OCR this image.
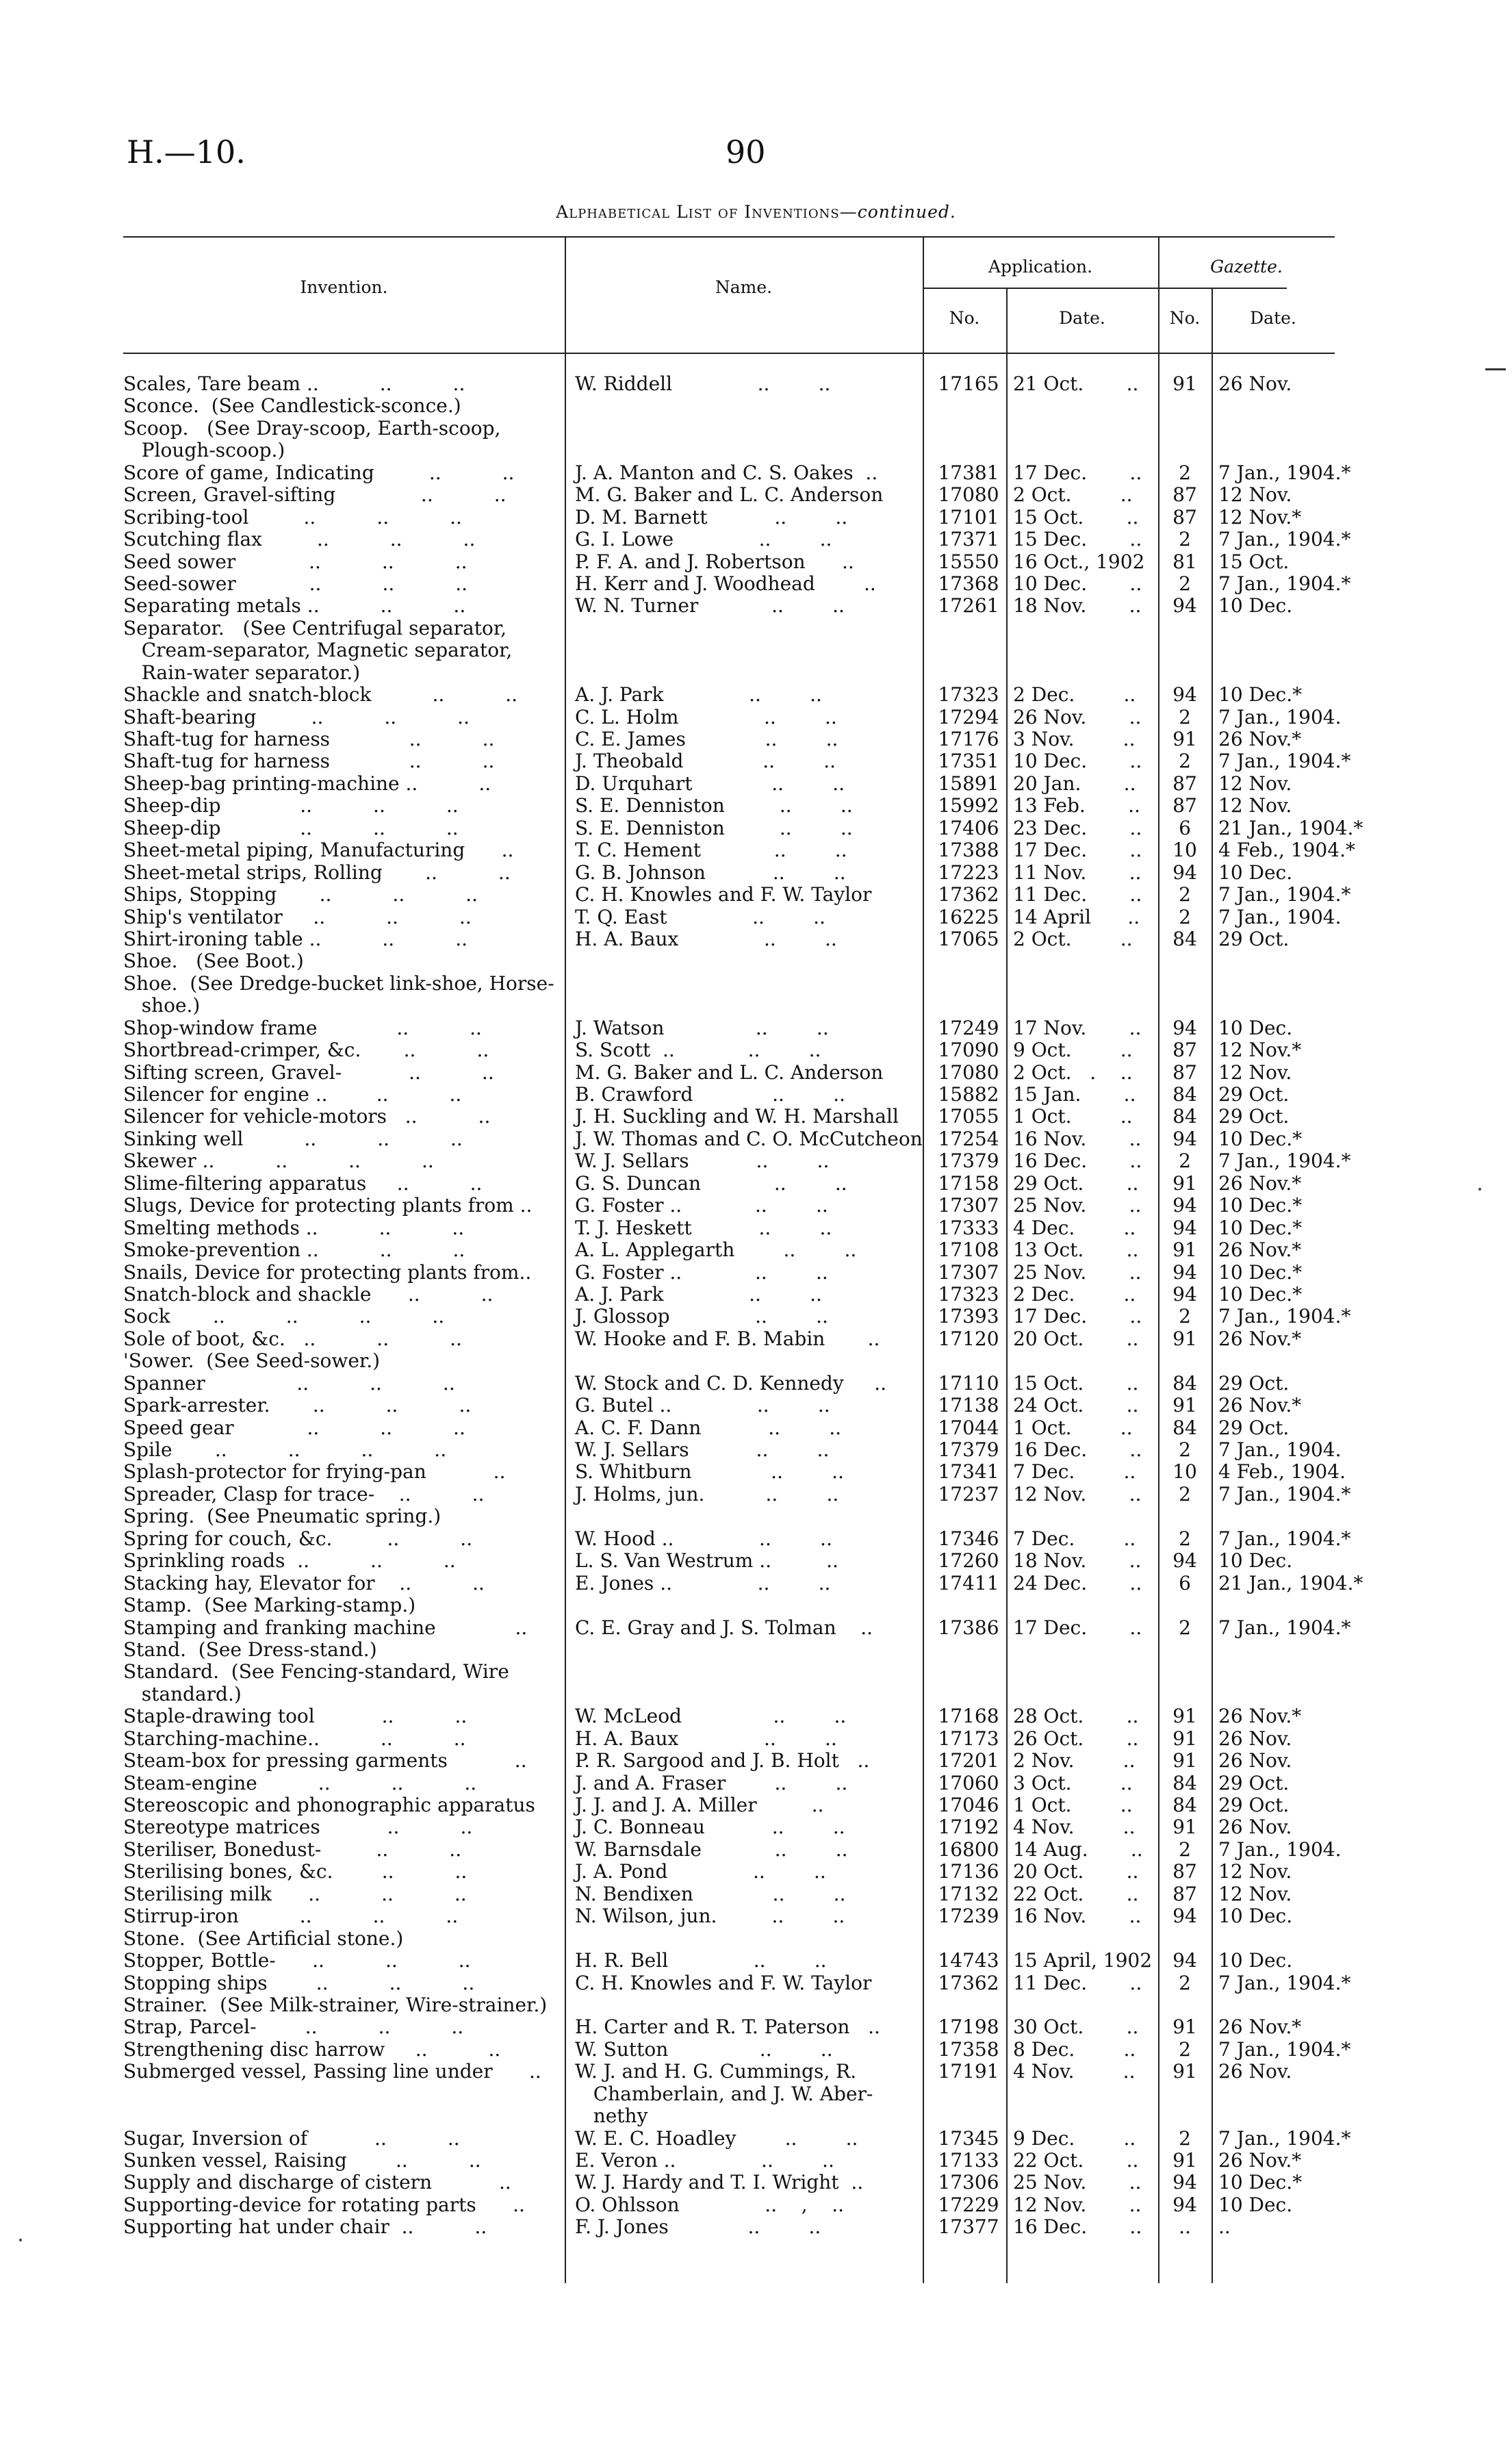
H.—10.	90
Alphabetical List of Inventions—continued.
Invention.	Name.
Application.
No.	Date.
Gazette.
No.	Date.
Scales, Tare beam ..          ..          ..	W. Riddell              ..        ..	17165 21 Oct.       ..	91	26 Nov.
Sconce.  (See Candlestick-sconce.)
Scoop.   (See Dray-scoop, Earth-scoop,
Plough-scoop.)
Score of game, Indicating         ..          ..	J. A. Manton and C. S. Oakes  ..	17381 17 Dec.       ..	2	7 Jan., 1904.*
Screen, Gravel-sifting              ..          ..	M. G. Baker and L. C. Anderson	17080 2 Oct.        ..	87	12 Nov.
Scribing-tool         ..          ..          ..	D. M. Barnett           ..        ..	17101 15 Oct.       ..	87	12 Nov.*
Scutching flax         ..          ..          ..	G. I. Lowe              ..        ..	17371 15 Dec.       ..	2	7 Jan., 1904.*
Seed sower            ..          ..          ..	P. F. A. and J. Robertson      ..	15550 16 Oct., 1902	81	15 Oct.
Seed-sower            ..          ..          ..	H. Kerr and J. Woodhead        ..	17368 10 Dec.       ..	2	7 Jan., 1904.*
Separating metals ..          ..          ..	W. N. Turner            ..        ..	17261 18 Nov.       ..	94	10 Dec.
Separator.   (See Centrifugal separator,
Cream-separator, Magnetic separator,
Rain-water separator.)
Shackle and snatch-block          ..          ..	A. J. Park              ..        ..	17323 2 Dec.        ..	94	10 Dec.*
Shaft-bearing         ..          ..          ..	C. L. Holm              ..        ..	17294 26 Nov.       ..	2	7 Jan., 1904.
Shaft-tug for harness             ..          ..	C. E. James             ..        ..	17176 3 Nov.        ..	91	26 Nov.*
Shaft-tug for harness             ..          ..	J. Theobald             ..        ..	17351 10 Dec.       ..	2	7 Jan., 1904.*
Sheep-bag printing-machine ..          ..	D. Urquhart             ..        ..	15891 20 Jan.       ..	87	12 Nov.
Sheep-dip             ..          ..          ..	S. E. Denniston         ..        ..	15992 13 Feb.       ..	87	12 Nov.
Sheep-dip             ..          ..          ..	S. E. Denniston         ..        ..	17406 23 Dec.       ..	6	21 Jan., 1904.*
Sheet-metal piping, Manufacturing      ..	T. C. Hement            ..        ..	17388 17 Dec.       ..	10	4 Feb., 1904.*
Sheet-metal strips, Rolling       ..          ..	G. B. Johnson           ..        ..	17223 11 Nov.       ..	94	10 Dec.
Ships, Stopping       ..          ..          ..	C. H. Knowles and F. W. Taylor	17362 11 Dec.       ..	2	7 Jan., 1904.*
Ship's ventilator     ..          ..          ..	T. Q. East              ..        ..	16225 14 April      ..	2	7 Jan., 1904.
Shirt-ironing table ..          ..          ..	H. A. Baux              ..        ..	17065 2 Oct.        ..	84	29 Oct.
Shoe.   (See Boot.)
Shoe.  (See Dredge-bucket link-shoe, Horse-
shoe.)
Shop-window frame             ..          ..	J. Watson               ..        ..	17249 17 Nov.       ..	94	10 Dec.
Shortbread-crimper, &c.       ..          ..	S. Scott  ..            ..        ..	17090 9 Oct.        ..	87	12 Nov.*
Sifting screen, Gravel-           ..          ..	M. G. Baker and L. C. Anderson	17080 2 Oct.   .    ..	87	12 Nov.
Silencer for engine ..        ..          ..	B. Crawford             ..        ..	15882 15 Jan.       ..	84	29 Oct.
Silencer for vehicle-motors   ..          ..	J. H. Suckling and W. H. Marshall	17055 1 Oct.        ..	84	29 Oct.
Sinking well          ..          ..          ..	J. W. Thomas and C. O. McCutcheon 17254 16 Nov.       ..	94	10 Dec.*
Skewer ..          ..          ..          ..	W. J. Sellars           ..        ..	17379 16 Dec.       ..	2	7 Jan., 1904.*
Slime-filtering apparatus     ..          ..	G. S. Duncan            ..        ..	17158 29 Oct.       ..	91	26 Nov.*
Slugs, Device for protecting plants from ..	G. Foster ..            ..        ..	17307 25 Nov.       ..	94	10 Dec.*
Smelting methods ..          ..          ..	T. J. Heskett           ..        ..	17333 4 Dec.        ..	94	10 Dec.*
Smoke-prevention ..          ..          ..	A. L. Applegarth        ..        ..	17108 13 Oct.       ..	91	26 Nov.*
Snails, Device for protecting plants from..	G. Foster ..            ..        ..	17307 25 Nov.       ..	94	10 Dec.*
Snatch-block and shackle      ..          ..	A. J. Park              ..        ..	17323 2 Dec.        ..	94	10 Dec.*
Sock       ..          ..          ..          ..	J. Glossop              ..        ..	17393 17 Dec.       ..	2	7 Jan., 1904.*
Sole of boot, &c.   ..          ..          ..	W. Hooke and F. B. Mabin       ..	17120 20 Oct.       ..	91	26 Nov.*
'Sower.  (See Seed-sower.)
Spanner               ..          ..          ..	W. Stock and C. D. Kennedy     ..	17110 15 Oct.       ..	84	29 Oct.
Spark-arrester.       ..          ..          ..	G. Butel ..              ..        ..	17138 24 Oct.       ..	91	26 Nov.*
Speed gear            ..          ..          ..	A. C. F. Dann           ..        ..	17044 1 Oct.        ..	84	29 Oct.
Spile       ..          ..          ..          ..	W. J. Sellars           ..        ..	17379 16 Dec.       ..	2	7 Jan., 1904.
Splash-protector for frying-pan           ..	S. Whitburn             ..        ..	17341 7 Dec.        ..	10	4 Feb., 1904.
Spreader, Clasp for trace-    ..          ..	J. Holms, jun.          ..        ..	17237 12 Nov.       ..	2	7 Jan., 1904.*
Spring.  (See Pneumatic spring.)
Spring for couch, &c.         ..          ..	W. Hood ..              ..        ..	17346 7 Dec.        ..	2	7 Jan., 1904.*
Sprinkling roads  ..          ..          ..	L. S. Van Westrum ..         ..	17260 18 Nov.       ..	94	10 Dec.
Stacking hay, Elevator for    ..          ..	E. Jones ..              ..        ..	17411 24 Dec.       ..	6	21 Jan., 1904.*
Stamp.  (See Marking-stamp.)
Stamping and franking machine             ..	C. E. Gray and J. S. Tolman    ..	17386 17 Dec.       ..	2	7 Jan., 1904.*
Stand.  (See Dress-stand.)
Standard.  (See Fencing-standard, Wire
standard.)
Staple-drawing tool           ..          ..	W. McLeod               ..        ..	17168 28 Oct.       ..	91	26 Nov.*
Starching-machine..          ..          ..	H. A. Baux              ..        ..	17173 26 Oct.       ..	91	26 Nov.
Steam-box for pressing garments           ..	P. R. Sargood and J. B. Holt   ..	17201 2 Nov.        ..	91	26 Nov.
Steam-engine          ..          ..          ..	J. and A. Fraser        ..        ..	17060 3 Oct.        ..	84	29 Oct.
Stereoscopic and phonographic apparatus	J. J. and J. A. Miller         ..	17046 1 Oct.        ..	84	29 Oct.
Stereotype matrices           ..          ..	J. C. Bonneau           ..        ..	17192 4 Nov.        ..	91	26 Nov.
Steriliser, Bonedust-         ..          ..	W. Barnsdale            ..        ..	16800 14 Aug.       ..	2	7 Jan., 1904.
Sterilising bones, &c.        ..          ..	J. A. Pond              ..        ..	17136 20 Oct.       ..	87	12 Nov.
Sterilising milk      ..          ..          ..	N. Bendixen             ..        ..	17132 22 Oct.       ..	87	12 Nov.
Stirrup-iron          ..          ..          ..	N. Wilson, jun.         ..        ..	17239 16 Nov.       ..	94	10 Dec.
Stone.  (See Artificial stone.)
Stopper, Bottle-      ..          ..          ..	H. R. Bell              ..        ..	14743 15 April, 1902	94	10 Dec.
Stopping ships        ..          ..          ..	C. H. Knowles and F. W. Taylor	17362 11 Dec.       ..	2	7 Jan., 1904.*
Strainer.  (See Milk-strainer, Wire-strainer.)
Strap, Parcel-        ..          ..          ..	H. Carter and R. T. Paterson   ..	17198 30 Oct.       ..	91	26 Nov.*
Strengthening disc harrow     ..          ..	W. Sutton               ..        ..	17358 8 Dec.        ..	2	7 Jan., 1904.*
Submerged vessel, Passing line under      ..	W. J. and H. G. Cummings, R.	17191 4 Nov.        ..	91	26 Nov.
Chamberlain, and J. W. Aber-
nethy
Sugar, Inversion of           ..          ..	W. E. C. Hoadley        ..        ..	17345 9 Dec.        ..	2	7 Jan., 1904.*
Sunken vessel, Raising        ..          ..	E. Veron ..              ..        ..	17133 22 Oct.       ..	91	26 Nov.*
Supply and discharge of cistern           ..	W. J. Hardy and T. I. Wright  ..	17306 25 Nov.       ..	94	10 Dec.*
Supporting-device for rotating parts      ..	O. Ohlsson              ..    ,    ..	17229 12 Nov.       ..	94	10 Dec.
Supporting hat under chair  ..          ..	F. J. Jones             ..        ..	17377 16 Dec.       ..	..	..
